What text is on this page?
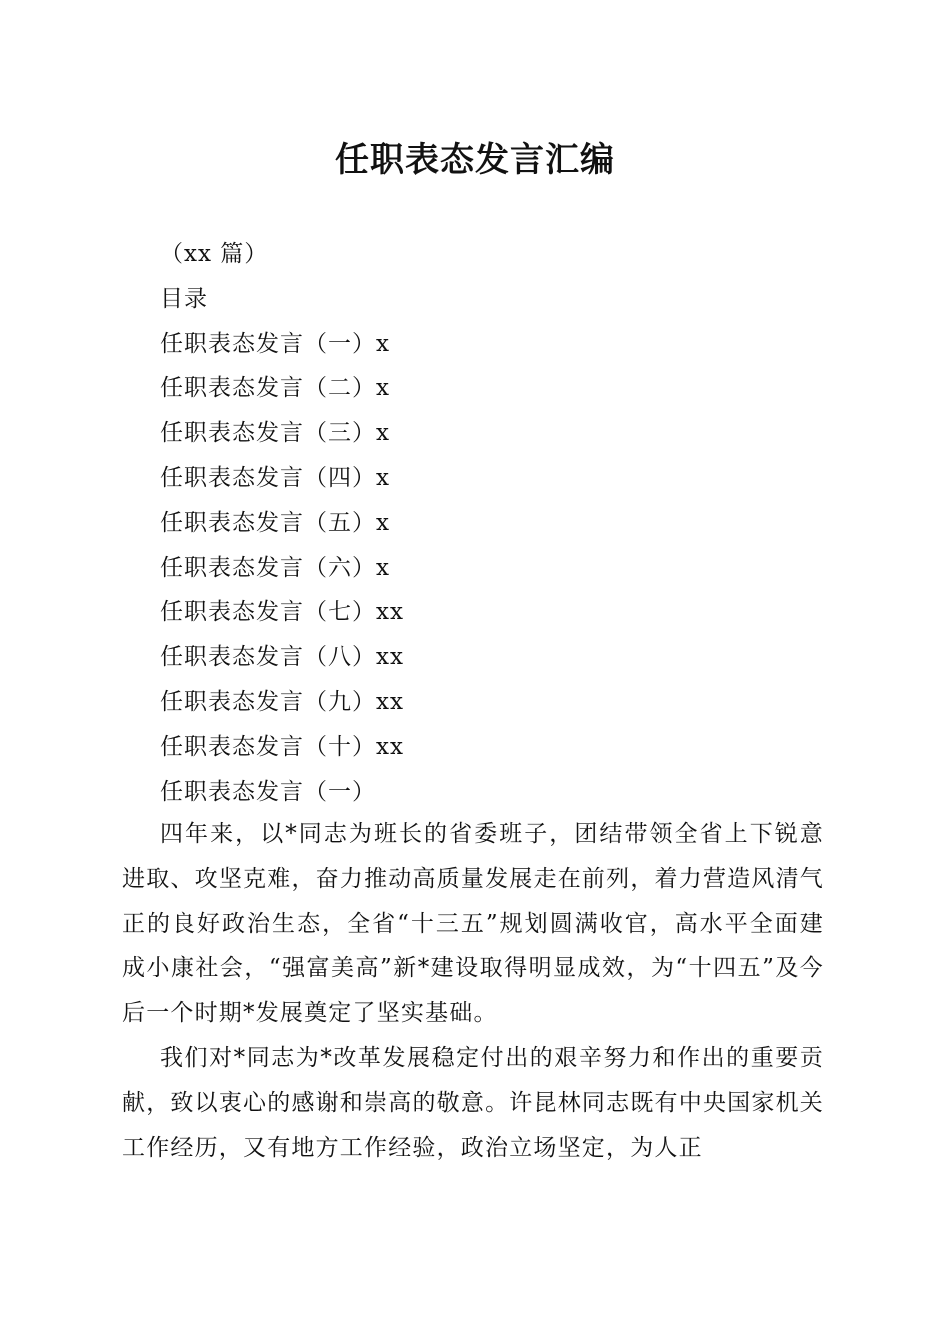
任职表态发言汇编
（xx 篇）
目录
任职表态发言（一）x
任职表态发言（二）x
任职表态发言（三）x
任职表态发言（四）x
任职表态发言（五）x
任职表态发言（六）x
任职表态发言（七）xx
任职表态发言（八）xx
任职表态发言（九）xx
任职表态发言（十）xx
任职表态发言（一）

四年来，以*同志为班长的省委班子，团结带领全省上下锐意进取、攻坚克难，奋力推动高质量发展走在前列，着力营造风清气正的良好政治生态，全省“十三五”规划圆满收官，高水平全面建成小康社会，“强富美高”新*建设取得明显成效，为“十四五”及今后一个时期*发展奠定了坚实基础。

我们对*同志为*改革发展稳定付出的艰辛努力和作出的重要贡献，致以衷心的感谢和崇高的敬意。许昆林同志既有中央国家机关工作经历，又有地方工作经验，政治立场坚定，为人正
